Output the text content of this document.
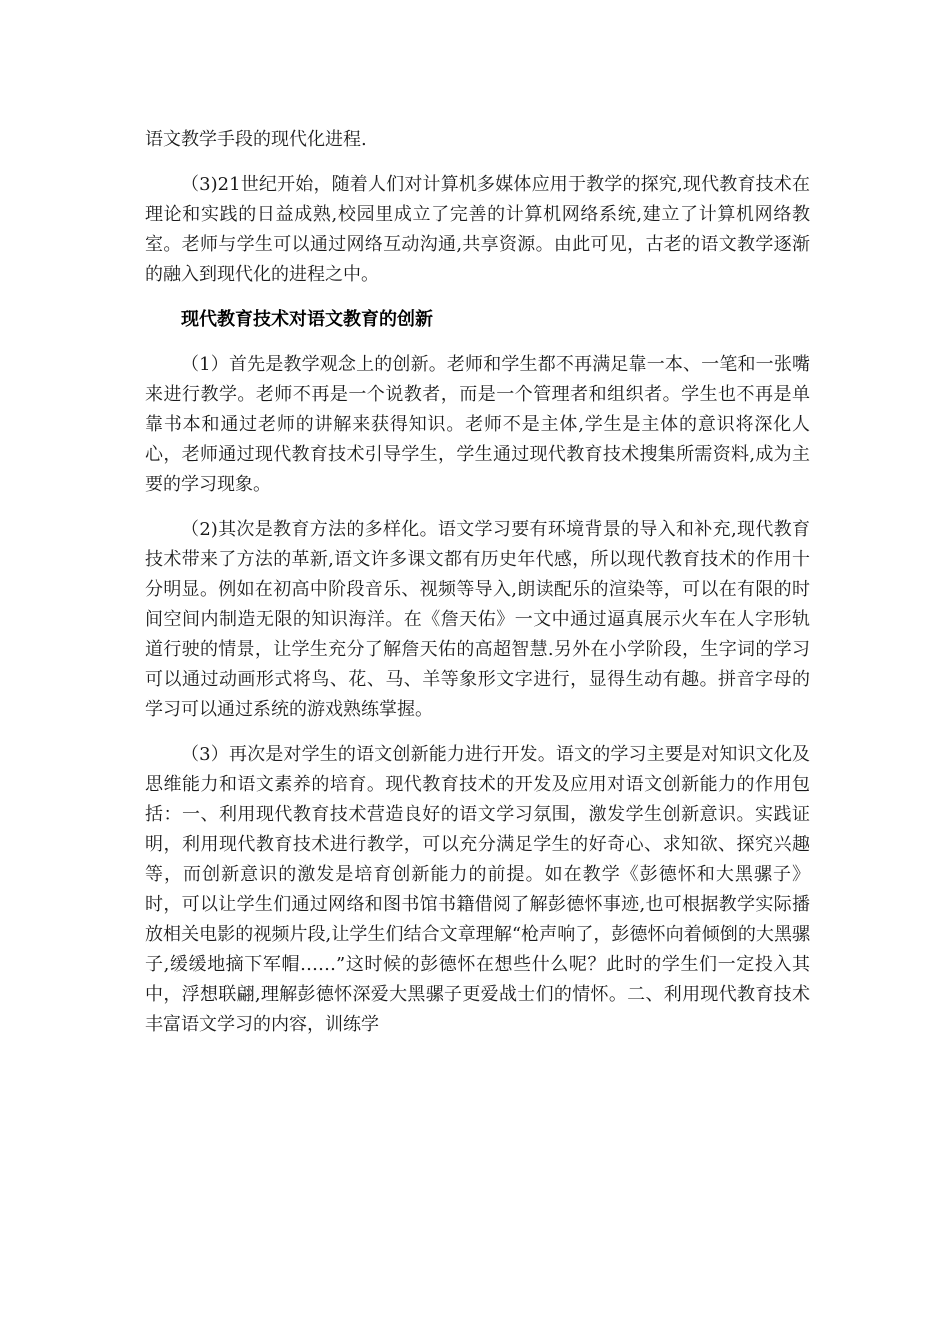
语文教学手段的现代化进程.

（3)21世纪开始，随着人们对计算机多媒体应用于教学的探究,现代教育技术在理论和实践的日益成熟,校园里成立了完善的计算机网络系统,建立了计算机网络教室。老师与学生可以通过网络互动沟通,共享资源。由此可见，古老的语文教学逐渐的融入到现代化的进程之中。

现代教育技术对语文教育的创新

（1）首先是教学观念上的创新。老师和学生都不再满足靠一本、一笔和一张嘴来进行教学。老师不再是一个说教者，而是一个管理者和组织者。学生也不再是单靠书本和通过老师的讲解来获得知识。老师不是主体,学生是主体的意识将深化人心，老师通过现代教育技术引导学生，学生通过现代教育技术搜集所需资料,成为主要的学习现象。

（2)其次是教育方法的多样化。语文学习要有环境背景的导入和补充,现代教育技术带来了方法的革新,语文许多课文都有历史年代感，所以现代教育技术的作用十分明显。例如在初高中阶段音乐、视频等导入,朗读配乐的渲染等，可以在有限的时间空间内制造无限的知识海洋。在《詹天佑》一文中通过逼真展示火车在人字形轨道行驶的情景，让学生充分了解詹天佑的高超智慧.另外在小学阶段，生字词的学习可以通过动画形式将鸟、花、马、羊等象形文字进行，显得生动有趣。拼音字母的学习可以通过系统的游戏熟练掌握。

（3）再次是对学生的语文创新能力进行开发。语文的学习主要是对知识文化及思维能力和语文素养的培育。现代教育技术的开发及应用对语文创新能力的作用包括：一、利用现代教育技术营造良好的语文学习氛围，激发学生创新意识。实践证明，利用现代教育技术进行教学，可以充分满足学生的好奇心、求知欲、探究兴趣等，而创新意识的激发是培育创新能力的前提。如在教学《彭德怀和大黑骡子》时，可以让学生们通过网络和图书馆书籍借阅了解彭德怀事迹,也可根据教学实际播放相关电影的视频片段,让学生们结合文章理解“枪声响了，彭德怀向着倾倒的大黑骡子,缓缓地摘下军帽……”这时候的彭德怀在想些什么呢？此时的学生们一定投入其中，浮想联翩,理解彭德怀深爱大黑骡子更爱战士们的情怀。二、利用现代教育技术丰富语文学习的内容，训练学
